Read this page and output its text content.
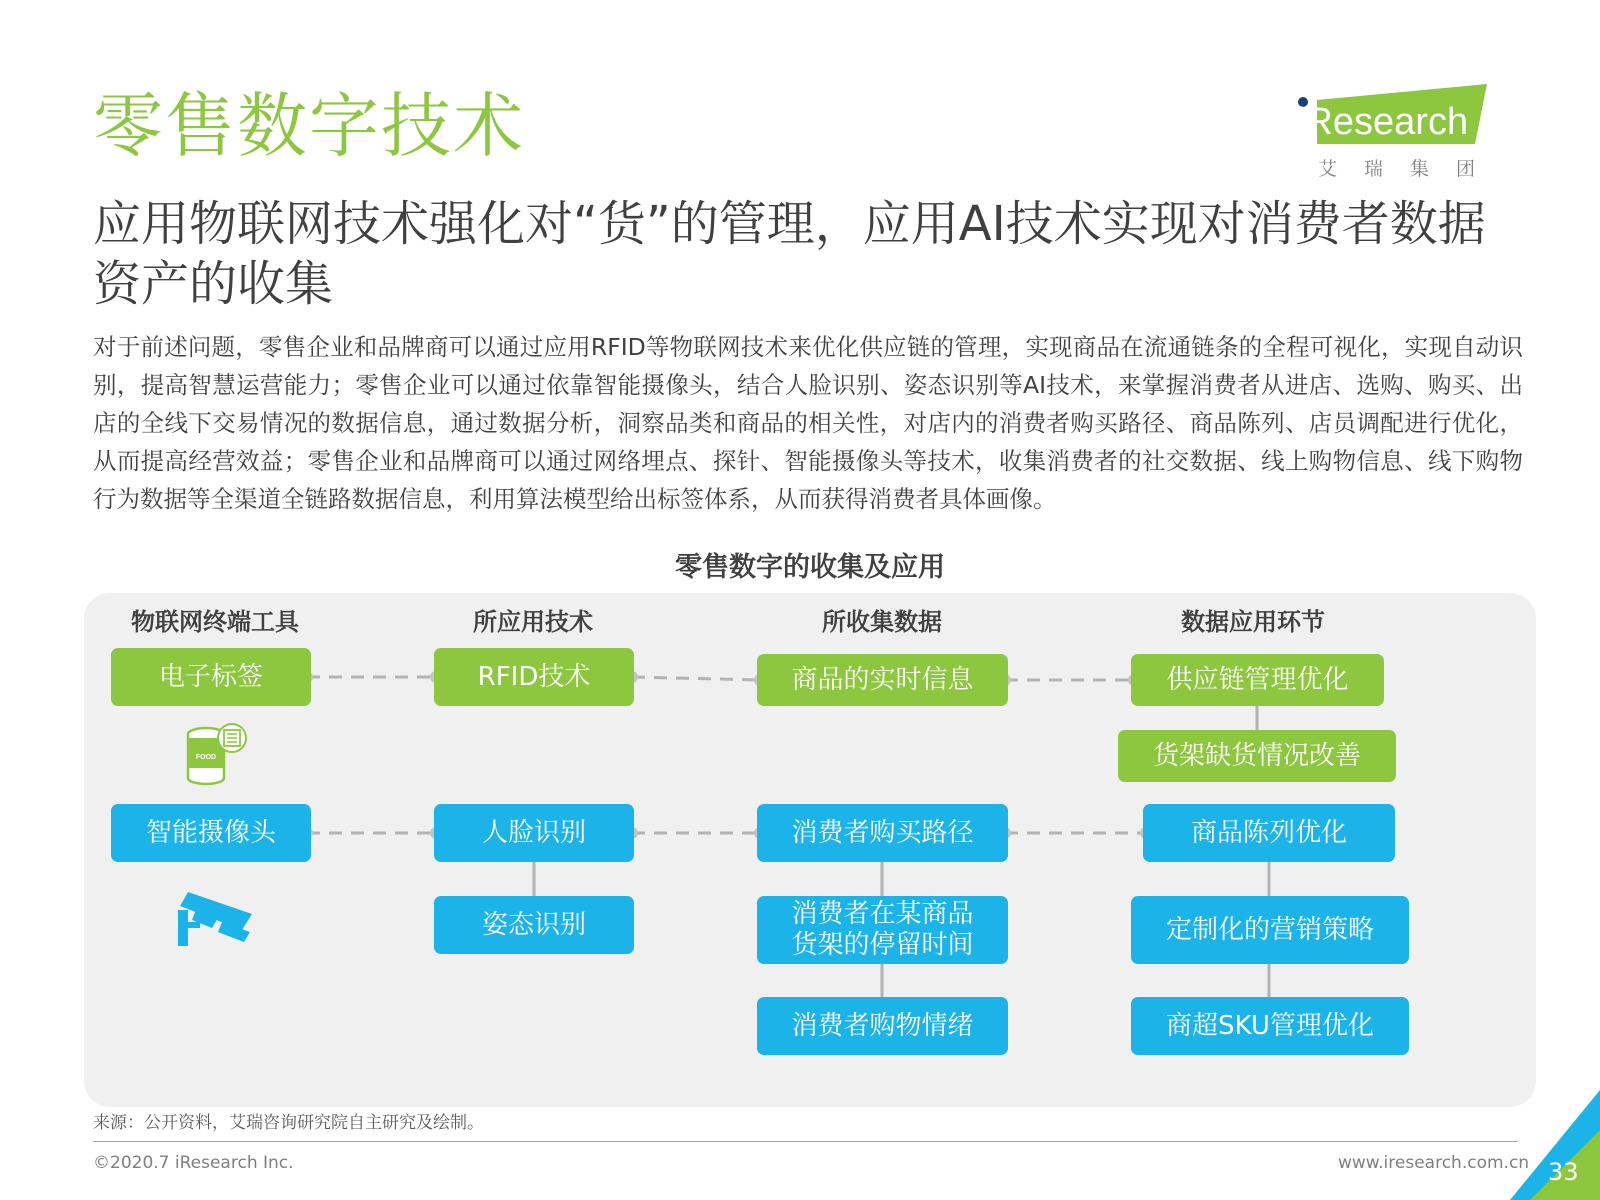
零售数字技术	iResearch
艾瑞集团
应用物联网技术强化对“货”的管理，应用AI技术实现对消费者数据资产的收集
对于前述问题，零售企业和品牌商可以通过应用RFID等物联网技术来优化供应链的管理，实现商品在流通链条的全程可视化，实现自动识别，提高智慧运营能力；零售企业可以通过依靠智能摄像头，结合人脸识别、姿态识别等AI技术，来掌握消费者从进店、选购、购买、出店的全线下交易情况的数据信息，通过数据分析，洞察品类和商品的相关性，对店内的消费者购买路径、商品陈列、店员调配进行优化，从而提高经营效益；零售企业和品牌商可以通过网络埋点、探针、智能摄像头等技术，收集消费者的社交数据、线上购物信息、线下购物行为数据等全渠道全链路数据信息，利用算法模型给出标签体系，从而获得消费者具体画像。
零售数字的收集及应用
物联网终端工具	所应用技术	所收集数据	数据应用环节
电子标签	RFID技术	商品的实时信息	供应链管理优化
货架缺货情况改善
FOOD
智能摄像头	人脸识别
姿态识别
消费者购买路径
消费者在某商品
货架的停留时间
消费者购物情绪
商品陈列优化
定制化的营销策略
商超SKU管理优化
来源：公开资料，艾瑞咨询研究院自主研究及绘制。
©2020.7 iResearch Inc.	www.iresearch.com.cn 33
